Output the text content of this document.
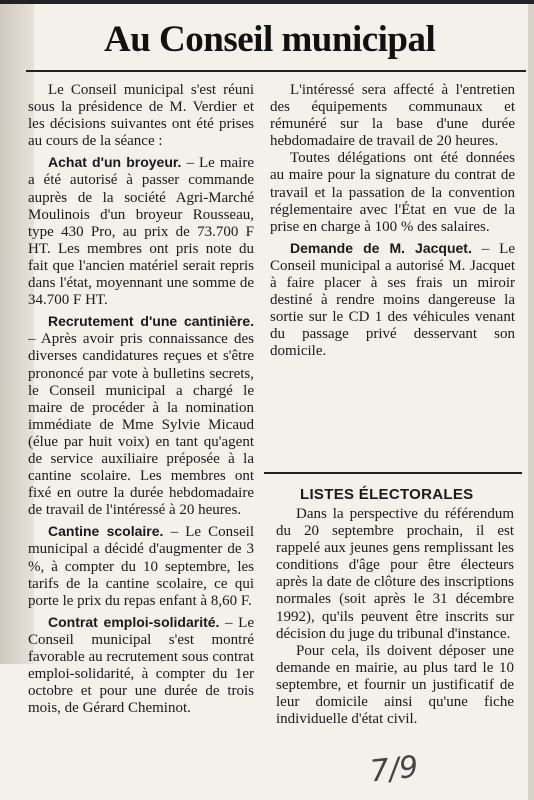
Au Conseil municipal

Le Conseil municipal s'est réuni sous la présidence de M. Verdier et les décisions suivantes ont été prises au cours de la séance :

Achat d'un broyeur. – Le maire a été autorisé à passer commande auprès de la société Agri-Marché Moulinois d'un broyeur Rousseau, type 430 Pro, au prix de 73.700 F HT. Les membres ont pris note du fait que l'ancien matériel serait repris dans l'état, moyennant une somme de 34.700 F HT.

Recrutement d'une cantinière. – Après avoir pris connaissance des diverses candidatures reçues et s'être prononcé par vote à bulletins secrets, le Conseil municipal a chargé le maire de procéder à la nomination immédiate de Mme Sylvie Micaud (élue par huit voix) en tant qu'agent de service auxiliaire préposée à la cantine scolaire. Les membres ont fixé en outre la durée hebdomadaire de travail de l'intéressé à 20 heures.

Cantine scolaire. – Le Conseil municipal a décidé d'augmenter de 3 %, à compter du 10 septembre, les tarifs de la cantine scolaire, ce qui porte le prix du repas enfant à 8,60 F.

Contrat emploi-solidarité. – Le Conseil municipal s'est montré favorable au recrutement sous contrat emploi-solidarité, à compter du 1er octobre et pour une durée de trois mois, de Gérard Cheminot.

L'intéressé sera affecté à l'entretien des équipements communaux et rémunéré sur la base d'une durée hebdomadaire de travail de 20 heures.

Toutes délégations ont été données au maire pour la signature du contrat de travail et la passation de la convention réglementaire avec l'État en vue de la prise en charge à 100 % des salaires.

Demande de M. Jacquet. – Le Conseil municipal a autorisé M. Jacquet à faire placer à ses frais un miroir destiné à rendre moins dangereuse la sortie sur le CD 1 des véhicules venant du passage privé desservant son domicile.

LISTES ÉLECTORALES

Dans la perspective du référendum du 20 septembre prochain, il est rappelé aux jeunes gens remplissant les conditions d'âge pour être électeurs après la date de clôture des inscriptions normales (soit après le 31 décembre 1992), qu'ils peuvent être inscrits sur décision du juge du tribunal d'instance.

Pour cela, ils doivent déposer une demande en mairie, au plus tard le 10 septembre, et fournir un justificatif de leur domicile ainsi qu'une fiche individuelle d'état civil.

7/9
